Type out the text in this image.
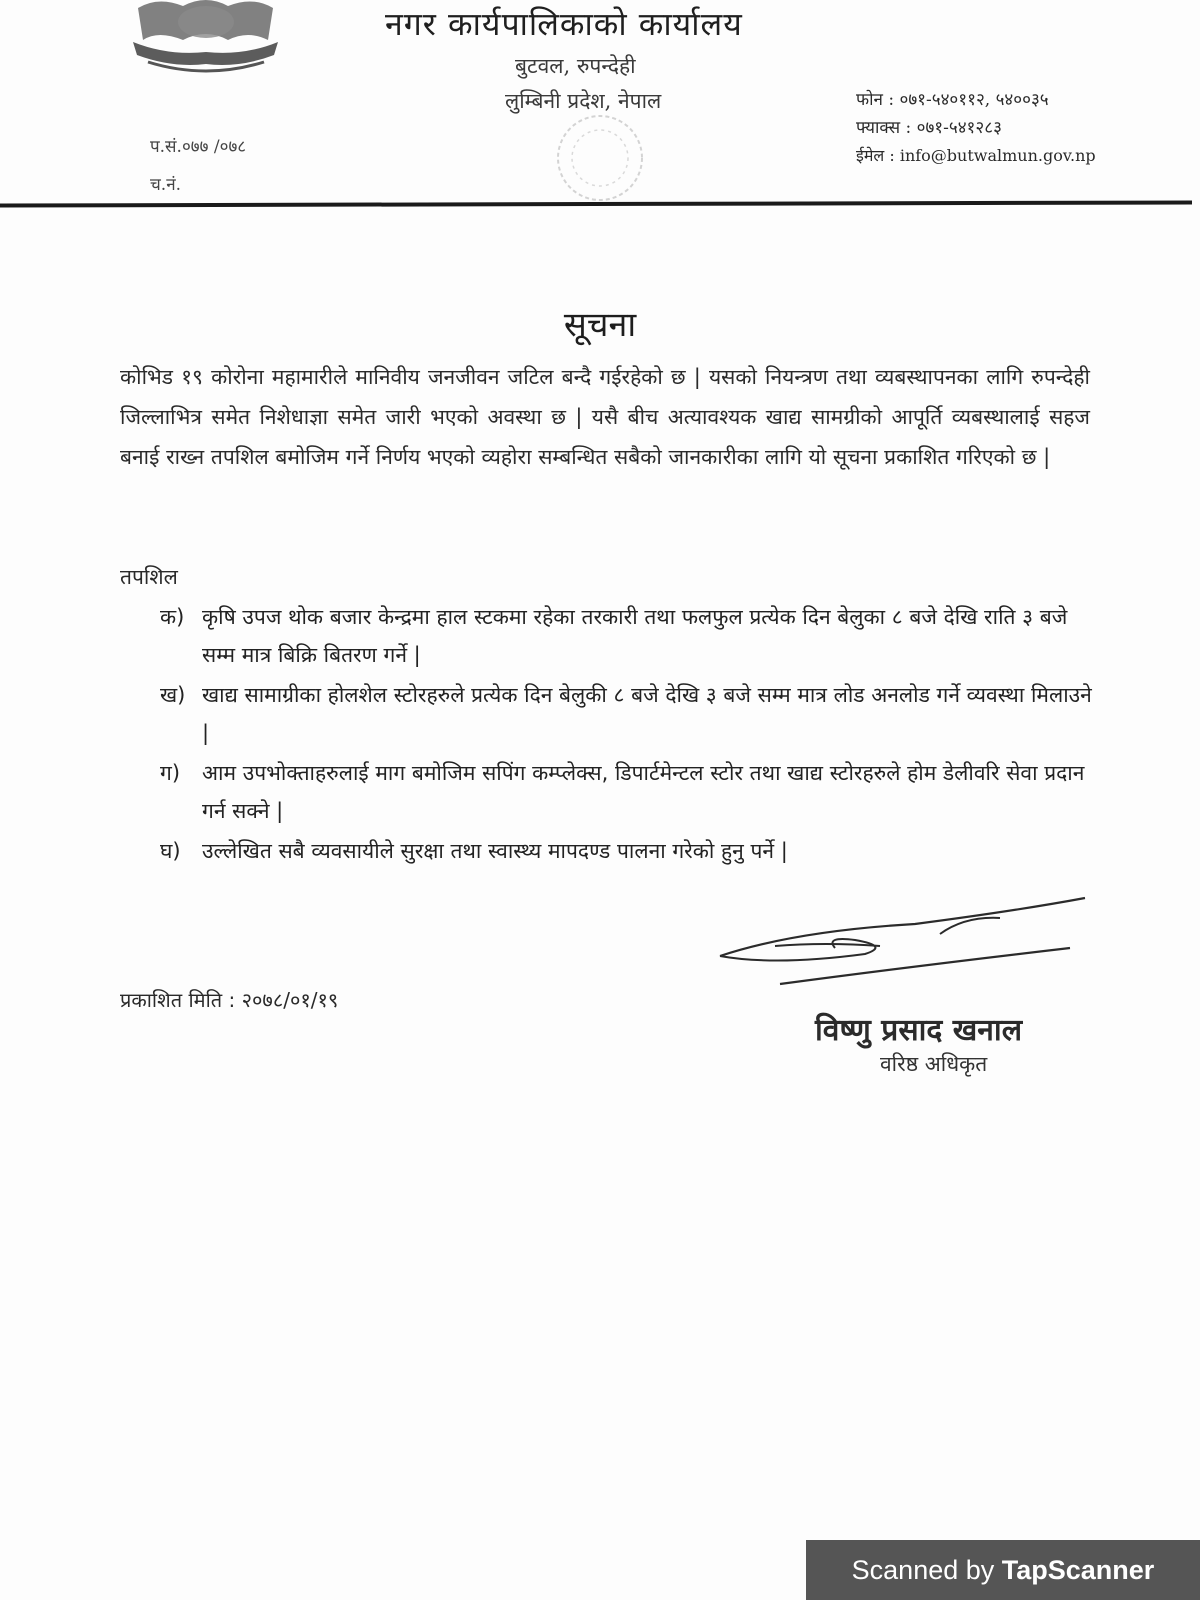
नगर कार्यपालिकाको कार्यालय
बुटवल, रुपन्देही
लुम्बिनी प्रदेश, नेपाल	फोन : ०७१-५४०११२, ५४००३५
फ्याक्स : ०७१-५४१२८३
ईमेल : info@butwalmun.gov.np
प.सं.०७७ /०७८
च.नं.
सूचना
कोभिड १९ कोरोना महामारीले मानिवीय जनजीवन जटिल बन्दै गईरहेको छ | यसको नियन्त्रण तथा व्यबस्थापनका लागि रुपन्देही जिल्लाभित्र समेत निशेधाज्ञा समेत जारी भएको अवस्था छ | यसै बीच अत्यावश्यक खाद्य सामग्रीको आपूर्ति व्यबस्थालाई सहज बनाई राख्न तपशिल बमोजिम गर्ने निर्णय भएको व्यहोरा सम्बन्धित सबैको जानकारीका लागि यो सूचना प्रकाशित गरिएको छ |
तपशिल
क) कृषि उपज थोक बजार केन्द्रमा हाल स्टकमा रहेका तरकारी तथा फलफुल प्रत्येक दिन बेलुका ८ बजे देखि राति ३ बजे सम्म मात्र बिक्रि बितरण गर्ने |
ख) खाद्य सामाग्रीका होलशेल स्टोरहरुले प्रत्येक दिन बेलुकी ८ बजे देखि ३ बजे सम्म मात्र लोड अनलोड गर्ने व्यवस्था मिलाउने |
ग) आम उपभोक्ताहरुलाई माग बमोजिम सपिंग कम्प्लेक्स, डिपार्टमेन्टल स्टोर तथा खाद्य स्टोरहरुले होम डेलीवरि सेवा प्रदान गर्न सक्ने |
घ) उल्लेखित सबै व्यवसायीले सुरक्षा तथा स्वास्थ्य मापदण्ड पालना गरेको हुनु पर्ने |
प्रकाशित मिति : २०७८/०१/१९
विष्णु प्रसाद खनाल
वरिष्ठ अधिकृत
Scanned by TapScanner
